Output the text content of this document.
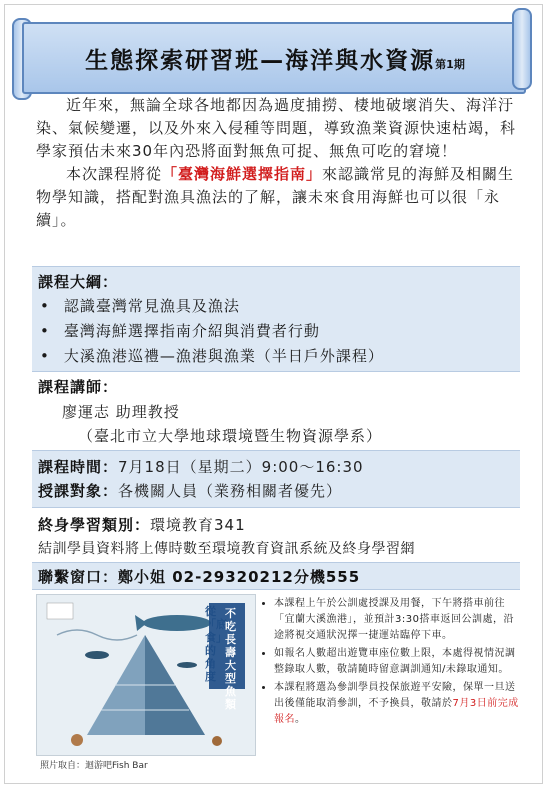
生態探索研習班—海洋與水資源第1期

近年來，無論全球各地都因為過度捕撈、棲地破壞消失、海洋汙染、氣候變遷，以及外來入侵種等問題，導致漁業資源快速枯竭，科學家預估未來30年內恐將面對無魚可捉、無魚可吃的窘境！

本次課程將從「臺灣海鮮選擇指南」來認識常見的海鮮及相關生物學知識，搭配對漁具漁法的了解，讓未來食用海鮮也可以很「永續」。

課程大綱：
• 認識臺灣常見漁具及漁法
• 臺灣海鮮選擇指南介紹與消費者行動
• 大溪漁港巡禮—漁港與漁業（半日戶外課程）
課程講師：
廖運志 助理教授
（臺北市立大學地球環境暨生物資源學系）
課程時間：7月18日（星期二）9:00～16:30
授課對象：各機關人員（業務相關者優先）
終身學習類別：環境教育341
結訓學員資料將上傳時數至環境教育資訊系統及終身學習網
聯繫窗口：鄭小姐 02-29320212分機555
從「底食」的角度
不吃長壽大型魚類
照片取自：迴游吧Fish Bar
• 本課程上午於公訓處授課及用餐，下午將搭車前往「宜蘭大溪漁港」，並預計3:30搭車返回公訓處，沿途將視交通狀況擇一捷運站臨停下車。
• 如報名人數超出遊覽車座位數上限，本處得視情況調整錄取人數，敬請隨時留意調訓通知/未錄取通知。
• 本課程將選為參訓學員投保旅遊平安險，保單一旦送出後僅能取消參訓，不予換員，敬請於7月3日前完成報名。
